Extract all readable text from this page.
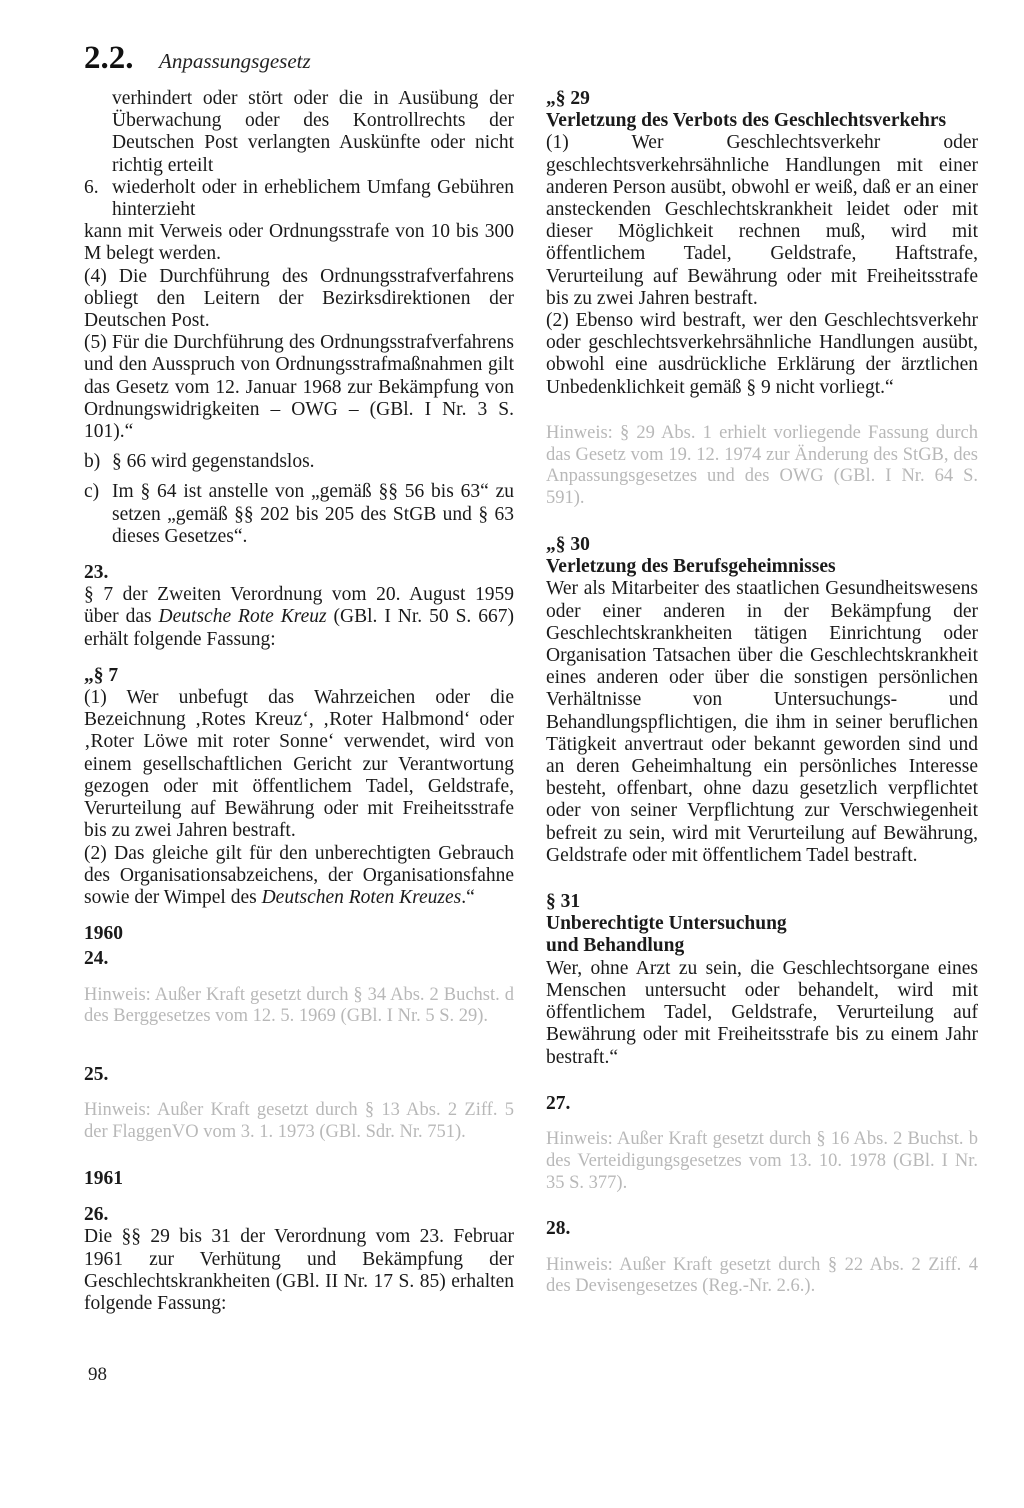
2.2. Anpassungsgesetz

verhindert oder stört oder die in Ausübung der Überwachung oder des Kontrollrechts der Deutschen Post verlangten Auskünfte oder nicht richtig erteilt

6. wiederholt oder in erheblichem Umfang Gebühren hinterzieht

kann mit Verweis oder Ordnungsstrafe von 10 bis 300 M belegt werden.

(4) Die Durchführung des Ordnungsstrafverfahrens obliegt den Leitern der Bezirksdirektionen der Deutschen Post.

(5) Für die Durchführung des Ordnungsstrafverfahrens und den Ausspruch von Ordnungsstrafmaßnahmen gilt das Gesetz vom 12. Januar 1968 zur Bekämpfung von Ordnungswidrigkeiten – OWG – (GBl. I Nr. 3 S. 101).“

b) § 66 wird gegenstandslos.

c) Im § 64 ist anstelle von „gemäß §§ 56 bis 63“ zu setzen „gemäß §§ 202 bis 205 des StGB und § 63 dieses Gesetzes“.

23.

§ 7 der Zweiten Verordnung vom 20. August 1959 über das Deutsche Rote Kreuz (GBl. I Nr. 50 S. 667) erhält folgende Fassung:

„§ 7

(1) Wer unbefugt das Wahrzeichen oder die Bezeichnung ‚Rotes Kreuz‘, ‚Roter Halbmond‘ oder ‚Roter Löwe mit roter Sonne‘ verwendet, wird von einem gesellschaftlichen Gericht zur Verantwortung gezogen oder mit öffentlichem Tadel, Geldstrafe, Verurteilung auf Bewährung oder mit Freiheitsstrafe bis zu zwei Jahren bestraft.

(2) Das gleiche gilt für den unberechtigten Gebrauch des Organisationsabzeichens, der Organisationsfahne sowie der Wimpel des Deutschen Roten Kreuzes.“

1960

24.

Hinweis: Außer Kraft gesetzt durch § 34 Abs. 2 Buchst. d des Berggesetzes vom 12. 5. 1969 (GBl. I Nr. 5 S. 29).

25.

Hinweis: Außer Kraft gesetzt durch § 13 Abs. 2 Ziff. 5 der FlaggenVO vom 3. 1. 1973 (GBl. Sdr. Nr. 751).

1961

26.

Die §§ 29 bis 31 der Verordnung vom 23. Februar 1961 zur Verhütung und Bekämpfung der Geschlechtskrankheiten (GBl. II Nr. 17 S. 85) erhalten folgende Fassung:

„§ 29

Verletzung des Verbots des Geschlechtsverkehrs

(1) Wer Geschlechtsverkehr oder geschlechtsverkehrsähnliche Handlungen mit einer anderen Person ausübt, obwohl er weiß, daß er an einer ansteckenden Geschlechtskrankheit leidet oder mit dieser Möglichkeit rechnen muß, wird mit öffentlichem Tadel, Geldstrafe, Haftstrafe, Verurteilung auf Bewährung oder mit Freiheitsstrafe bis zu zwei Jahren bestraft.

(2) Ebenso wird bestraft, wer den Geschlechtsverkehr oder geschlechtsverkehrsähnliche Handlungen ausübt, obwohl eine ausdrückliche Erklärung der ärztlichen Unbedenklichkeit gemäß § 9 nicht vorliegt.“

Hinweis: § 29 Abs. 1 erhielt vorliegende Fassung durch das Gesetz vom 19. 12. 1974 zur Änderung des StGB, des Anpassungsgesetzes und des OWG (GBl. I Nr. 64 S. 591).

„§ 30

Verletzung des Berufsgeheimnisses

Wer als Mitarbeiter des staatlichen Gesundheitswesens oder einer anderen in der Bekämpfung der Geschlechtskrankheiten tätigen Einrichtung oder Organisation Tatsachen über die Geschlechtskrankheit eines anderen oder über die sonstigen persönlichen Verhältnisse von Untersuchungs- und Behandlungspflichtigen, die ihm in seiner beruflichen Tätigkeit anvertraut oder bekannt geworden sind und an deren Geheimhaltung ein persönliches Interesse besteht, offenbart, ohne dazu gesetzlich verpflichtet oder von seiner Verpflichtung zur Verschwiegenheit befreit zu sein, wird mit Verurteilung auf Bewährung, Geldstrafe oder mit öffentlichem Tadel bestraft.

§ 31

Unberechtigte Untersuchung und Behandlung

Wer, ohne Arzt zu sein, die Geschlechtsorgane eines Menschen untersucht oder behandelt, wird mit öffentlichem Tadel, Geldstrafe, Verurteilung auf Bewährung oder mit Freiheitsstrafe bis zu einem Jahr bestraft.“

27.

Hinweis: Außer Kraft gesetzt durch § 16 Abs. 2 Buchst. b des Verteidigungsgesetzes vom 13. 10. 1978 (GBl. I Nr. 35 S. 377).

28.

Hinweis: Außer Kraft gesetzt durch § 22 Abs. 2 Ziff. 4 des Devisengesetzes (Reg.-Nr. 2.6.).

98
